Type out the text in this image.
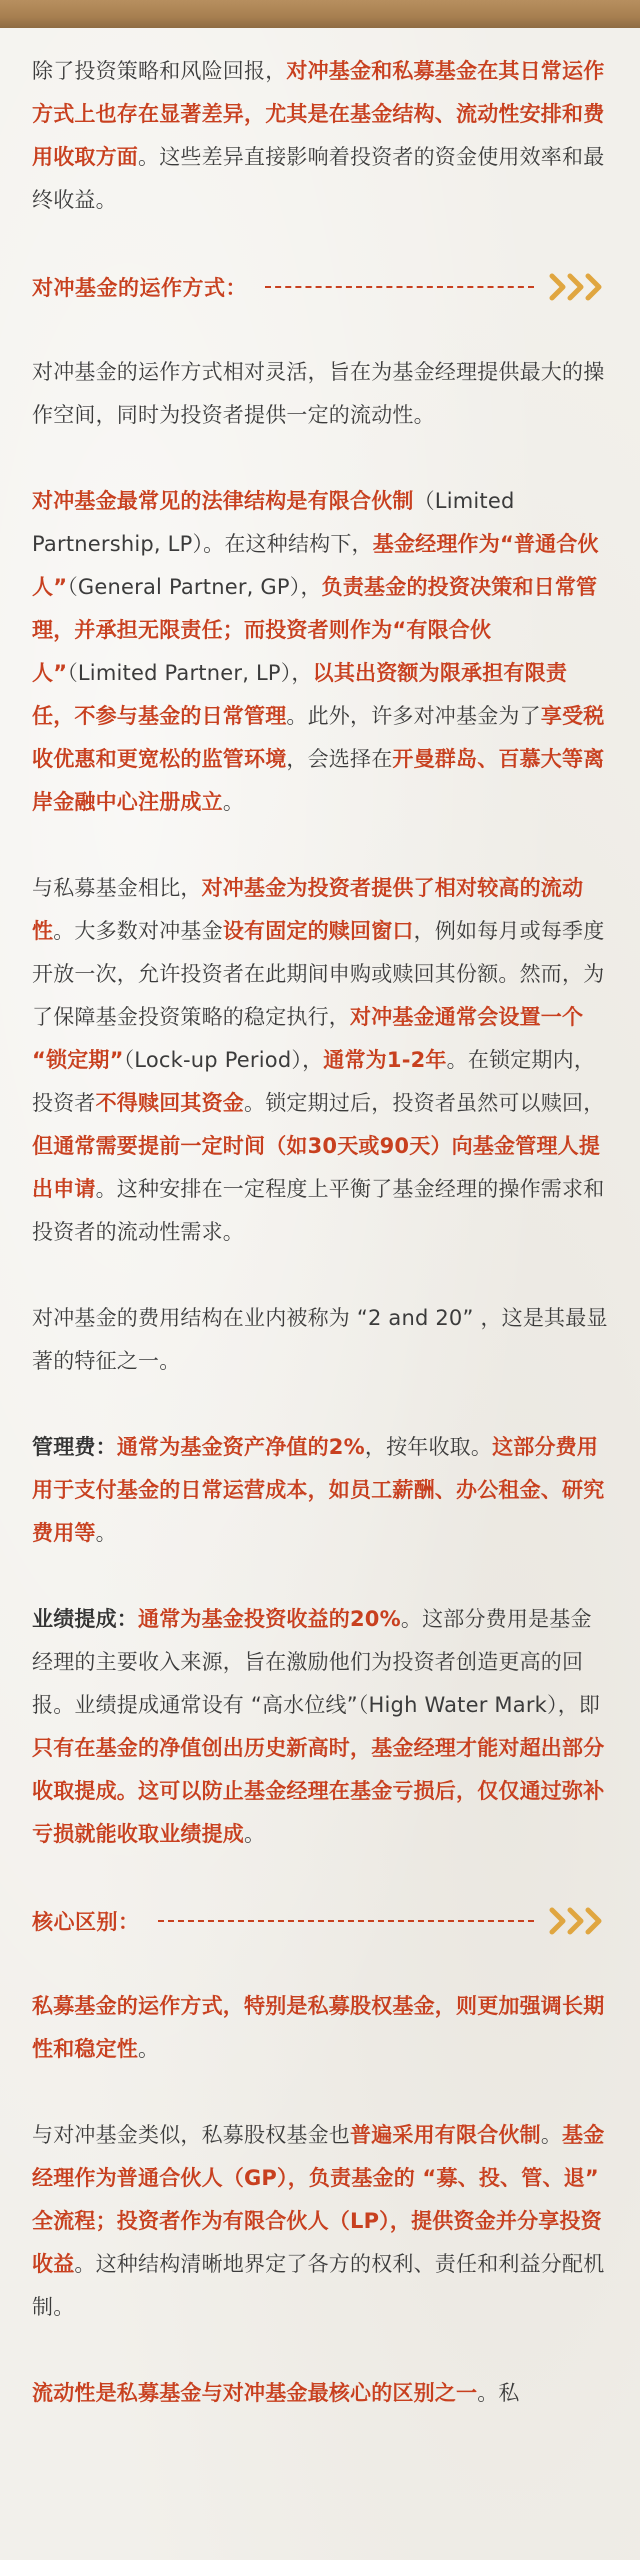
除了投资策略和风险回报，对冲基金和私募基金在其日常运作方式上也存在显著差异，尤其是在基金结构、流动性安排和费用收取方面。这些差异直接影响着投资者的资金使用效率和最终收益。

对冲基金的运作方式：

对冲基金的运作方式相对灵活，旨在为基金经理提供最大的操作空间，同时为投资者提供一定的流动性。

对冲基金最常见的法律结构是有限合伙制（Limited Partnership, LP）。在这种结构下，基金经理作为“普通合伙人”（General Partner, GP），负责基金的投资决策和日常管理，并承担无限责任；而投资者则作为“有限合伙人”（Limited Partner, LP），以其出资额为限承担有限责任，不参与基金的日常管理。此外，许多对冲基金为了享受税收优惠和更宽松的监管环境，会选择在开曼群岛、百慕大等离岸金融中心注册成立。

与私募基金相比，对冲基金为投资者提供了相对较高的流动性。大多数对冲基金设有固定的赎回窗口，例如每月或每季度开放一次，允许投资者在此期间申购或赎回其份额。然而，为了保障基金投资策略的稳定执行，对冲基金通常会设置一个 “锁定期”（Lock-up Period），通常为1-2年。在锁定期内，投资者不得赎回其资金。锁定期过后，投资者虽然可以赎回，但通常需要提前一定时间（如30天或90天）向基金管理人提出申请。这种安排在一定程度上平衡了基金经理的操作需求和投资者的流动性需求。

对冲基金的费用结构在业内被称为 “2 and 20” ，这是其最显著的特征之一。

管理费：通常为基金资产净值的2%，按年收取。这部分费用用于支付基金的日常运营成本，如员工薪酬、办公租金、研究费用等。

业绩提成：通常为基金投资收益的20%。这部分费用是基金经理的主要收入来源，旨在激励他们为投资者创造更高的回报。业绩提成通常设有 “高水位线”（High Water Mark），即只有在基金的净值创出历史新高时，基金经理才能对超出部分收取提成。这可以防止基金经理在基金亏损后，仅仅通过弥补亏损就能收取业绩提成。

核心区别：

私募基金的运作方式，特别是私募股权基金，则更加强调长期性和稳定性。

与对冲基金类似，私募股权基金也普遍采用有限合伙制。基金经理作为普通合伙人（GP），负责基金的 “募、投、管、退” 全流程；投资者作为有限合伙人（LP），提供资金并分享投资收益。这种结构清晰地界定了各方的权利、责任和利益分配机制。

流动性是私募基金与对冲基金最核心的区别之一。私
